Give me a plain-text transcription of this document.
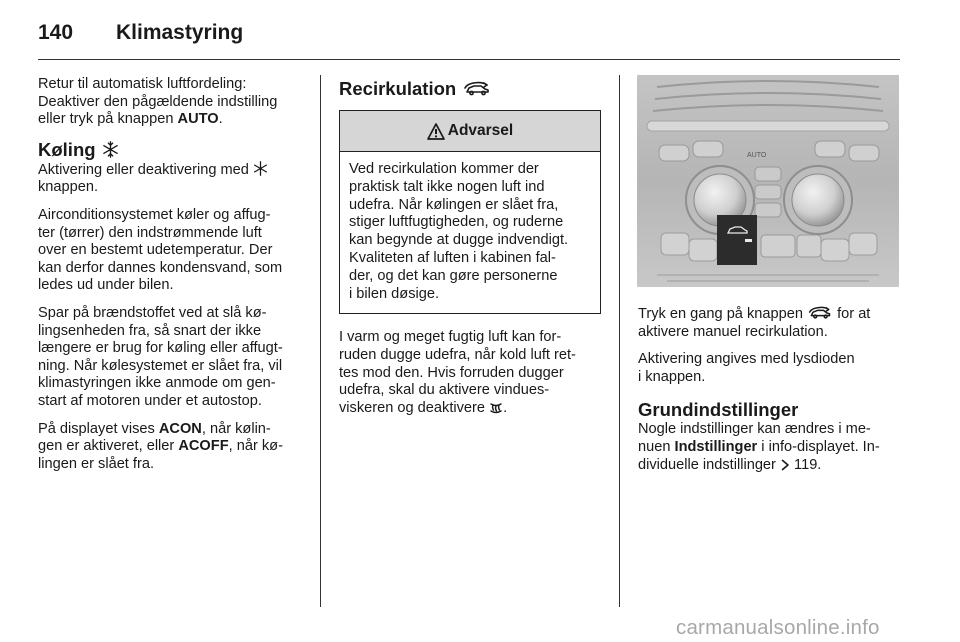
140	Klimastyring

Retur til automatisk luftfordeling:
Deaktiver den pågældende indstilling
eller tryk på knappen AUTO.

Køling

Aktivering eller deaktivering med
knappen.

Airconditionsystemet køler og affug-
ter (tørrer) den indstrømmende luft
over en bestemt udetemperatur. Der
kan derfor dannes kondensvand, som
ledes ud under bilen.

Spar på brændstoffet ved at slå kø-
lingsenheden fra, så snart der ikke
længere er brug for køling eller affugt-
ning. Når kølesystemet er slået fra, vil
klimastyringen ikke anmode om gen-
start af motoren under et autostop.

På displayet vises ACON, når kølin-
gen er aktiveret, eller ACOFF, når kø-
lingen er slået fra.

Recirkulation
Advarsel
Ved recirkulation kommer der
praktisk talt ikke nogen luft ind
udefra. Når kølingen er slået fra,
stiger luftfugtigheden, og ruderne
kan begynde at dugge indvendigt.
Kvaliteten af luften i kabinen fal-
der, og det kan gøre personerne
i bilen døsige.

I varm og meget fugtig luft kan for-
ruden dugge udefra, når kold luft ret-
tes mod den. Hvis forruden dugger
udefra, skal du aktivere vindues-
viskeren og deaktivere .

AUTO

Tryk en gang på knappen for at
aktivere manuel recirkulation.

Aktivering angives med lysdioden
i knappen.

Grundindstillinger

Nogle indstillinger kan ændres i me-
nuen Indstillinger i info-displayet. In-
dividuelle indstillinger 119.

carmanualsonline.info
